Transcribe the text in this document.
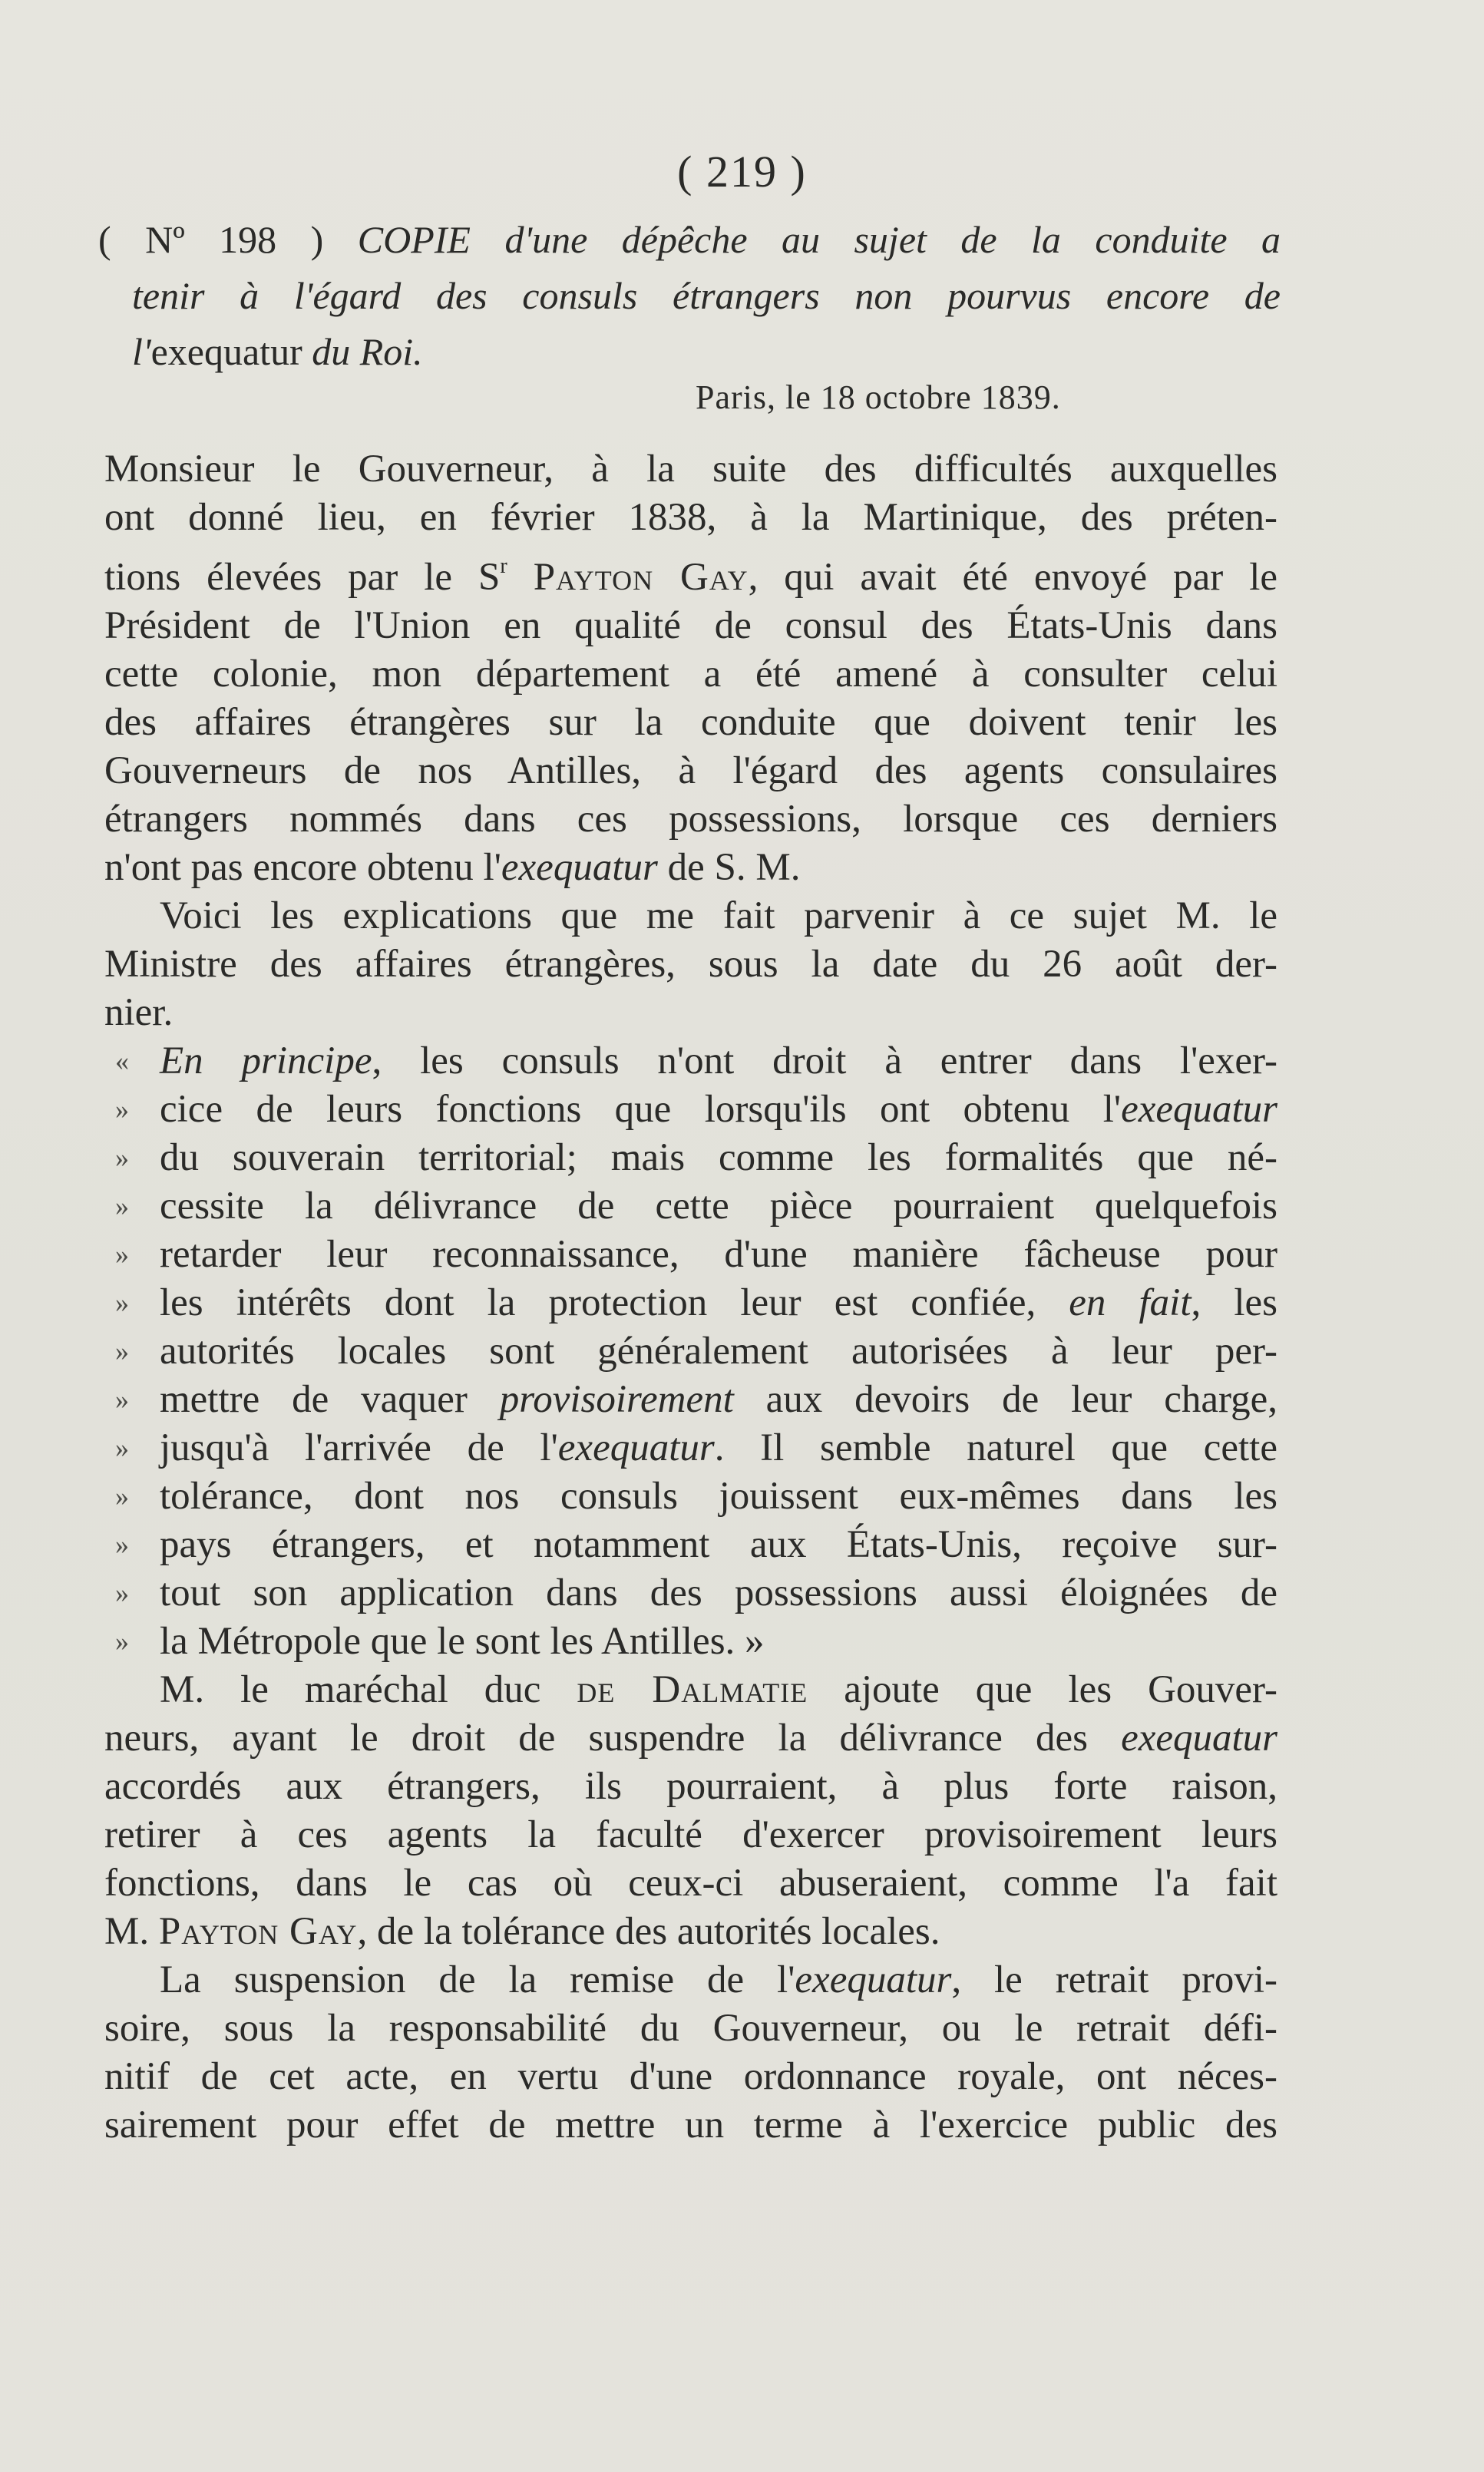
( 219 )
( Nº 198 ) COPIE d'une dépêche au sujet de la conduite a
tenir à l'égard des consuls étrangers non pourvus encore de
l'exequatur du Roi.
Paris, le 18 octobre 1839.
Monsieur le Gouverneur, à la suite des difficultés auxquelles
ont donné lieu, en février 1838, à la Martinique, des préten-
tions élevées par le $S^r$ Payton Gay, qui avait été envoyé par le
Président de l'Union en qualité de consul des États-Unis dans
cette colonie, mon département a été amené à consulter celui
des affaires étrangères sur la conduite que doivent tenir les
Gouverneurs de nos Antilles, à l'égard des agents consulaires
étrangers nommés dans ces possessions, lorsque ces derniers
n'ont pas encore obtenu l'exequatur de S. M.
Voici les explications que me fait parvenir à ce sujet M. le
Ministre des affaires étrangères, sous la date du 26 août der-
nier.
« En principe, les consuls n'ont droit à entrer dans l'exer-
» cice de leurs fonctions que lorsqu'ils ont obtenu l'exequatur
» du souverain territorial; mais comme les formalités que né-
» cessite la délivrance de cette pièce pourraient quelquefois
» retarder leur reconnaissance, d'une manière fâcheuse pour
» les intérêts dont la protection leur est confiée, en fait, les
» autorités locales sont généralement autorisées à leur per-
» mettre de vaquer provisoirement aux devoirs de leur charge,
» jusqu'à l'arrivée de l'exequatur. Il semble naturel que cette
» tolérance, dont nos consuls jouissent eux-mêmes dans les
» pays étrangers, et notamment aux États-Unis, reçoive sur-
» tout son application dans des possessions aussi éloignées de
» la Métropole que le sont les Antilles. »
M. le maréchal duc de Dalmatie ajoute que les Gouver-
neurs, ayant le droit de suspendre la délivrance des exequatur
accordés aux étrangers, ils pourraient, à plus forte raison,
retirer à ces agents la faculté d'exercer provisoirement leurs
fonctions, dans le cas où ceux-ci abuseraient, comme l'a fait
M. Payton Gay, de la tolérance des autorités locales.
La suspension de la remise de l'exequatur, le retrait provi-
soire, sous la responsabilité du Gouverneur, ou le retrait défi-
nitif de cet acte, en vertu d'une ordonnance royale, ont néces-
sairement pour effet de mettre un terme à l'exercice public des
